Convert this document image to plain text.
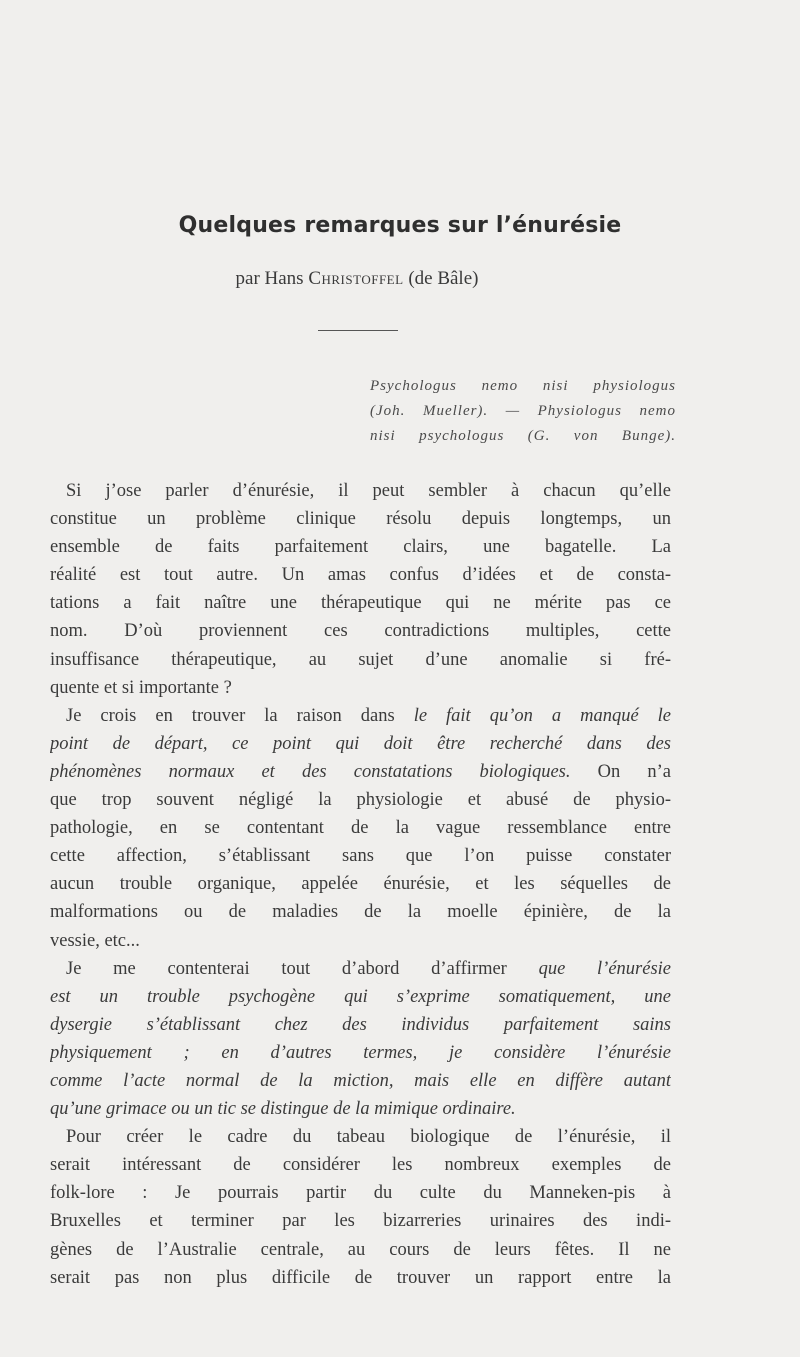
Quelques remarques sur l’énurésie
par Hans Christoffel (de Bâle)
Psychologus nemo nisi physiologus
(Joh. Mueller). — Physiologus nemo
nisi psychologus (G. von Bunge).
Si j’ose parler d’énurésie, il peut sembler à chacun qu’elle
constitue un problème clinique résolu depuis longtemps, un
ensemble de faits parfaitement clairs, une bagatelle. La
réalité est tout autre. Un amas confus d’idées et de consta-
tations a fait naître une thérapeutique qui ne mérite pas ce
nom. D’où proviennent ces contradictions multiples, cette
insuffisance thérapeutique, au sujet d’une anomalie si fré-
quente et si importante ?
Je crois en trouver la raison dans le fait qu’on a manqué le
point de départ, ce point qui doit être recherché dans des
phénomènes normaux et des constatations biologiques. On n’a
que trop souvent négligé la physiologie et abusé de physio-
pathologie, en se contentant de la vague ressemblance entre
cette affection, s’établissant sans que l’on puisse constater
aucun trouble organique, appelée énurésie, et les séquelles de
malformations ou de maladies de la moelle épinière, de la
vessie, etc...
Je me contenterai tout d’abord d’affirmer que l’énurésie
est un trouble psychogène qui s’exprime somatiquement, une
dysergie s’établissant chez des individus parfaitement sains
physiquement ; en d’autres termes, je considère l’énurésie
comme l’acte normal de la miction, mais elle en diffère autant
qu’une grimace ou un tic se distingue de la mimique ordinaire.
Pour créer le cadre du tabeau biologique de l’énurésie, il
serait intéressant de considérer les nombreux exemples de
folk-lore : Je pourrais partir du culte du Manneken-pis à
Bruxelles et terminer par les bizarreries urinaires des indi-
gènes de l’Australie centrale, au cours de leurs fêtes. Il ne
serait pas non plus difficile de trouver un rapport entre la
